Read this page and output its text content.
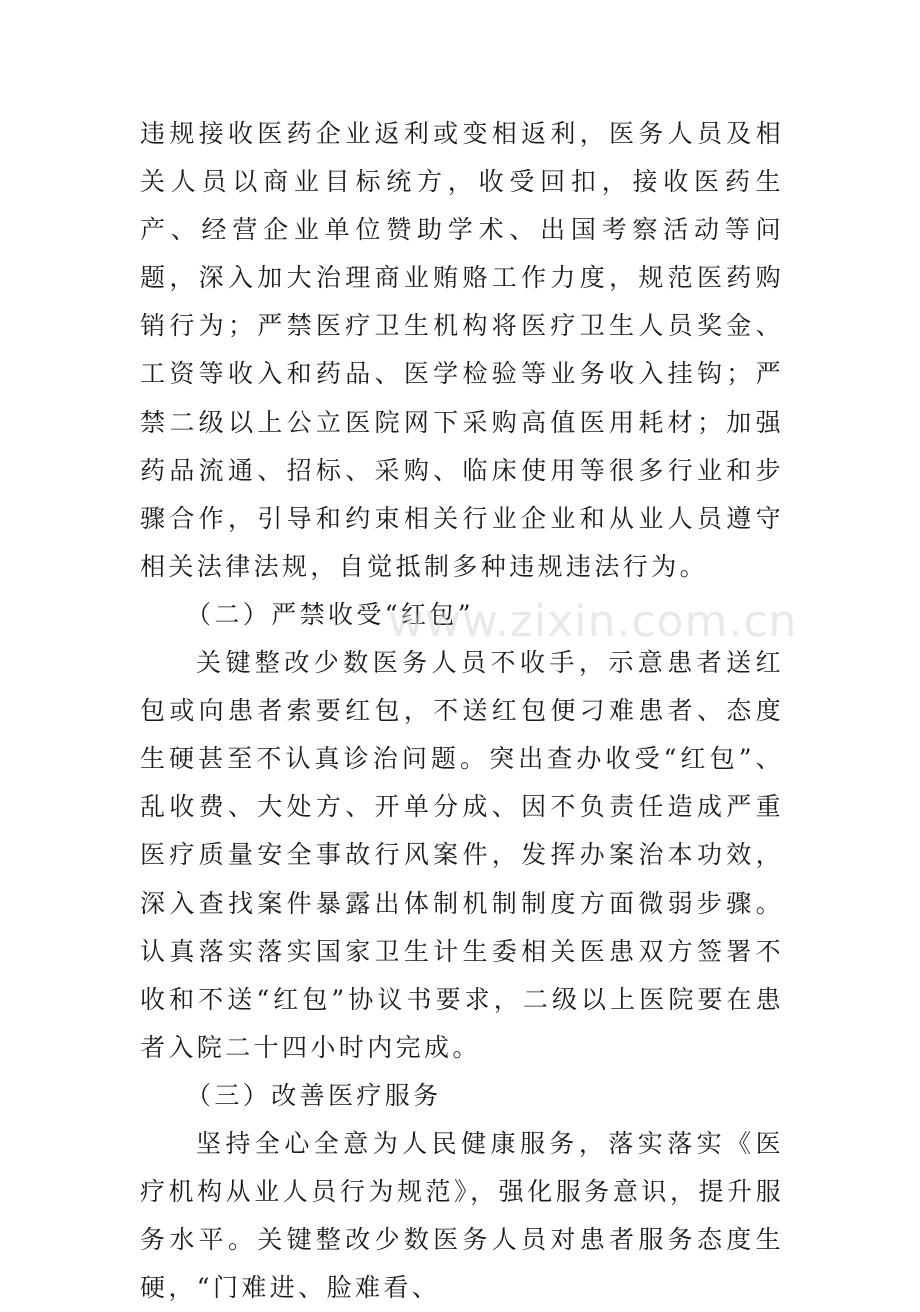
违规接收医药企业返利或变相返利，医务人员及相关人员以商业目标统方，收受回扣，接收医药生产、经营企业单位赞助学术、出国考察活动等问题，深入加大治理商业贿赂工作力度，规范医药购销行为；严禁医疗卫生机构将医疗卫生人员奖金、工资等收入和药品、医学检验等业务收入挂钩；严禁二级以上公立医院网下采购高值医用耗材；加强药品流通、招标、采购、临床使用等很多行业和步骤合作，引导和约束相关行业企业和从业人员遵守相关法律法规，自觉抵制多种违规违法行为。

（二）严禁收受“红包”

关键整改少数医务人员不收手，示意患者送红包或向患者索要红包，不送红包便刁难患者、态度生硬甚至不认真诊治问题。突出查办收受“红包”、乱收费、大处方、开单分成、因不负责任造成严重医疗质量安全事故行风案件，发挥办案治本功效，深入查找案件暴露出体制机制制度方面微弱步骤。认真落实落实国家卫生计生委相关医患双方签署不收和不送“红包”协议书要求，二级以上医院要在患者入院二十四小时内完成。

（三）改善医疗服务

坚持全心全意为人民健康服务，落实落实《医疗机构从业人员行为规范》，强化服务意识，提升服务水平。关键整改少数医务人员对患者服务态度生硬，“门难进、脸难看、

www.zixin.com.cn
